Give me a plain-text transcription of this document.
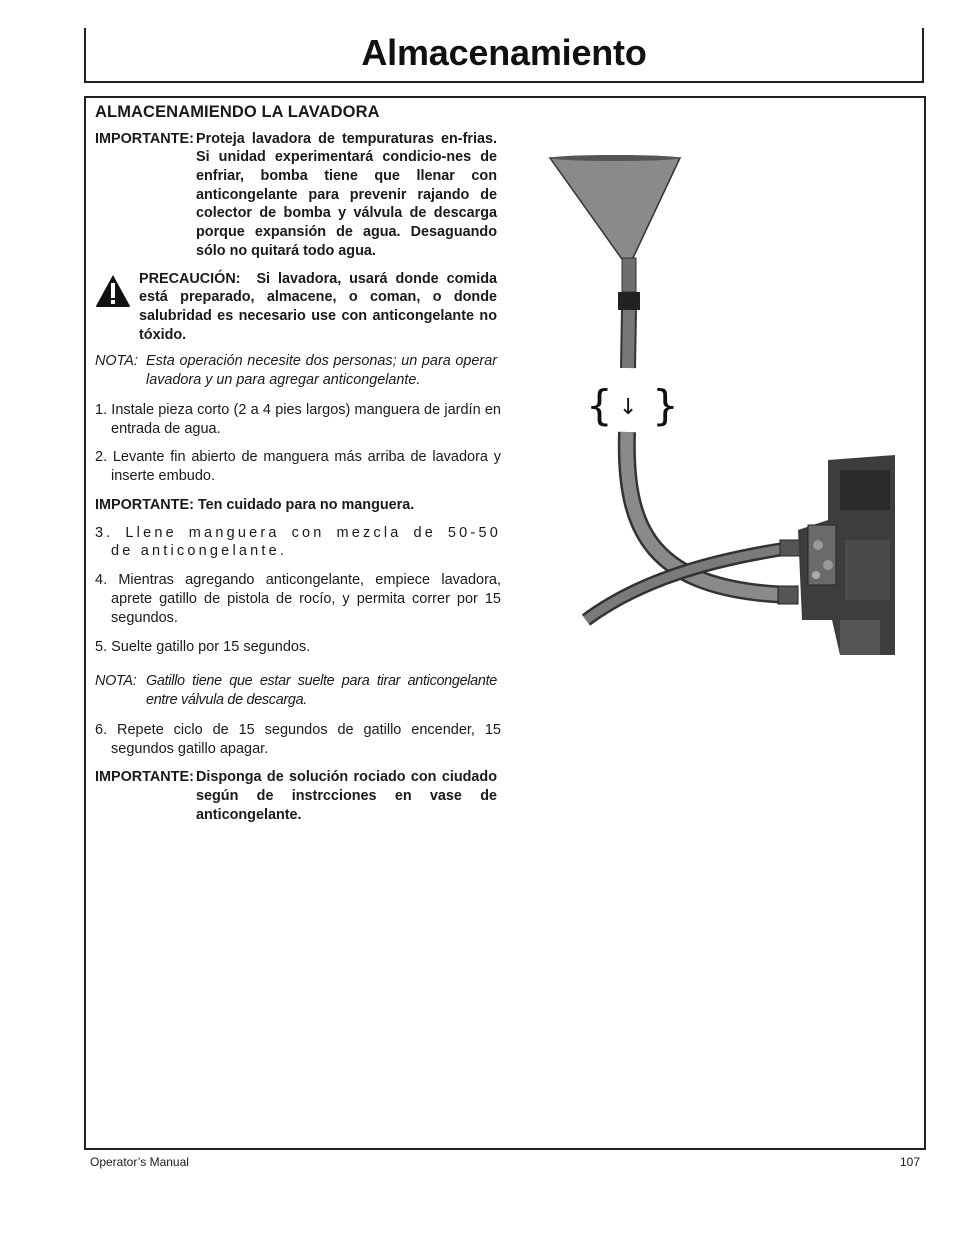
Almacenamiento
ALMACENAMIENDO LA LAVADORA

IMPORTANTE: Proteja lavadora de tempuraturas en-frias. Si unidad experimentará condicio-nes de enfriar, bomba tiene que llenar con anticongelante para prevenir rajando de colector de bomba y válvula de descarga porque expansión de agua. Desaguando sólo no quitará todo agua.

PRECAUCIÓN: Si lavadora, usará donde comida está preparado, almacene, o coman, o donde salubridad es necesario use con anticongelante no tóxido.

NOTA: Esta operación necesite dos personas; un para operar lavadora y un para agregar anticongelante.

1. Instale pieza corto (2 a 4 pies largos) manguera de jardín en entrada de agua.

2. Levante fin abierto de manguera más arriba de lavadora y inserte embudo.

IMPORTANTE: Ten cuidado para no manguera.

3. Llene manguera con mezcla de 50-50 de anticongelante.

4. Mientras agregando anticongelante, empiece lavadora, aprete gatillo de pistola de rocío, y permita correr por 15 segundos.

5. Suelte gatillo por 15 segundos.

NOTA: Gatillo tiene que estar suelte para tirar anticongelante entre válvula de descarga.

6. Repete ciclo de 15 segundos de gatillo encender, 15 segundos gatillo apagar.

IMPORTANTE: Disponga de solución rociado con ciudado según de instrcciones en vase de anticongelante.

{ ↓ }
Operator’s Manual	107
